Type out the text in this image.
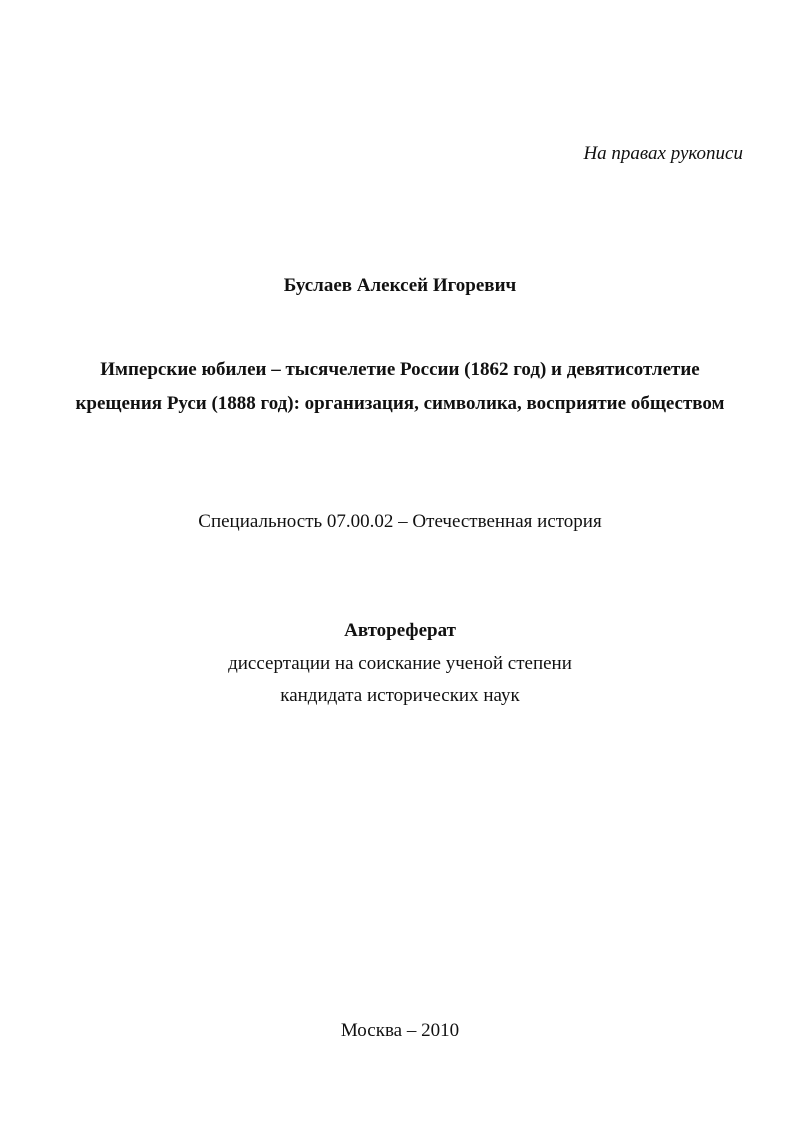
На правах рукописи
Буслаев Алексей Игоревич
Имперские юбилеи – тысячелетие России (1862 год) и девятисотлетие
крещения Руси (1888 год): организация, символика, восприятие обществом
Специальность 07.00.02 – Отечественная история
Автореферат
диссертации на соискание ученой степени
кандидата исторических наук
Москва – 2010
